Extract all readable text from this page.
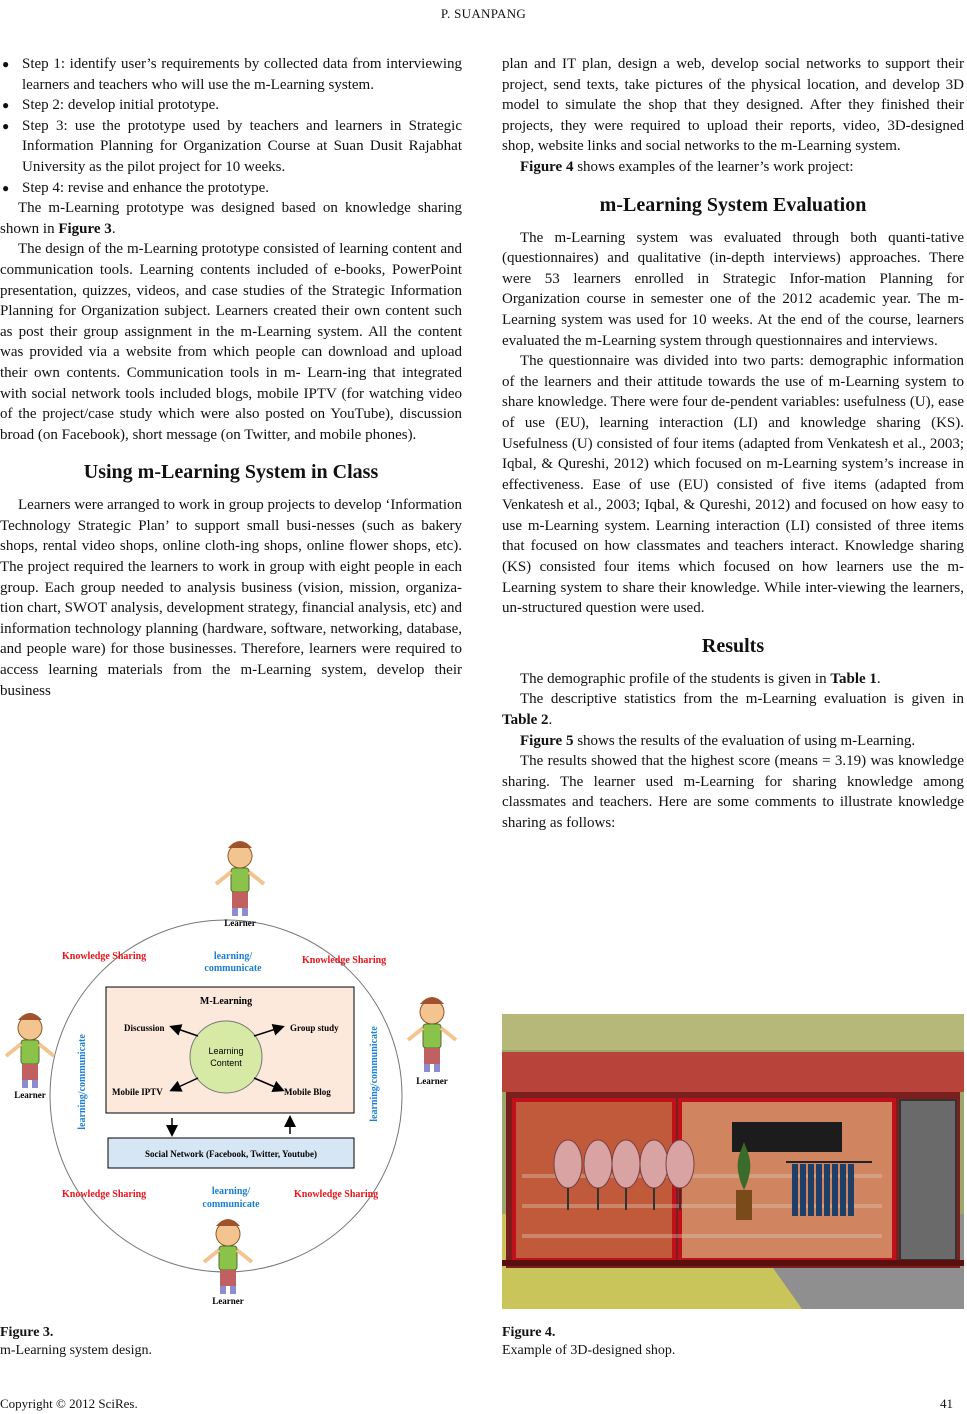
P. SUANPANG
● Step 1: identify user’s requirements by collected data from interviewing learners and teachers who will use the m-Learning system.
● Step 2: develop initial prototype.
● Step 3: use the prototype used by teachers and learners in Strategic Information Planning for Organization Course at Suan Dusit Rajabhat University as the pilot project for 10 weeks.
● Step 4: revise and enhance the prototype.

The m-Learning prototype was designed based on knowledge sharing shown in Figure 3.

The design of the m-Learning prototype consisted of learning content and communication tools. Learning contents included of e-books, PowerPoint presentation, quizzes, videos, and case studies of the Strategic Information Planning for Organization subject. Learners created their own content such as post their group assignment in the m-Learning system. All the content was provided via a website from which people can download and upload their own contents. Communication tools in m- Learn-ing that integrated with social network tools included blogs, mobile IPTV (for watching video of the project/case study which were also posted on YouTube), discussion broad (on Facebook), short message (on Twitter, and mobile phones).

Using m-Learning System in Class

Learners were arranged to work in group projects to develop ‘Information Technology Strategic Plan’ to support small busi-nesses (such as bakery shops, rental video shops, online cloth-ing shops, online flower shops, etc). The project required the learners to work in group with eight people in each group. Each group needed to analysis business (vision, mission, organiza-tion chart, SWOT analysis, development strategy, financial analysis, etc) and information technology planning (hardware, software, networking, database, and people ware) for those businesses. Therefore, learners were required to access learning materials from the m-Learning system, develop their business

Learner
Learner
Learner
Learner
Knowledge Sharing	Knowledge Sharing
Knowledge Sharing	Knowledge Sharing
learning/
communicate
learning/
communicate
learning/communicate	learning/communicate
M-Learning
Discussion	Group study
Mobile IPTV	Mobile Blog
Learning
Content
Social Network (Facebook, Twitter, Youtube)
Figure 3.
m-Learning system design.

plan and IT plan, design a web, develop social networks to support their project, send texts, take pictures of the physical location, and develop 3D model to simulate the shop that they designed. After they finished their projects, they were required to upload their reports, video, 3D-designed shop, website links and social networks to the m-Learning system.

Figure 4 shows examples of the learner’s work project:

m-Learning System Evaluation

The m-Learning system was evaluated through both quanti-tative (questionnaires) and qualitative (in-depth interviews) approaches. There were 53 learners enrolled in Strategic Infor-mation Planning for Organization course in semester one of the 2012 academic year. The m-Learning system was used for 10 weeks. At the end of the course, learners evaluated the m-Learning system through questionnaires and interviews.

The questionnaire was divided into two parts: demographic information of the learners and their attitude towards the use of m-Learning system to share knowledge. There were four de-pendent variables: usefulness (U), ease of use (EU), learning interaction (LI) and knowledge sharing (KS). Usefulness (U) consisted of four items (adapted from Venkatesh et al., 2003; Iqbal, & Qureshi, 2012) which focused on m-Learning system’s increase in effectiveness. Ease of use (EU) consisted of five items (adapted from Venkatesh et al., 2003; Iqbal, & Qureshi, 2012) and focused on how easy to use m-Learning system. Learning interaction (LI) consisted of three items that focused on how classmates and teachers interact. Knowledge sharing (KS) consisted four items which focused on how learners use the m-Learning system to share their knowledge. While inter-viewing the learners, un-structured question were used.

Results

The demographic profile of the students is given in Table 1.

The descriptive statistics from the m-Learning evaluation is given in Table 2.

Figure 5 shows the results of the evaluation of using m-Learning.

The results showed that the highest score (means = 3.19) was knowledge sharing. The learner used m-Learning for sharing knowledge among classmates and teachers. Here are some comments to illustrate knowledge sharing as follows:

Figure 4.
Example of 3D-designed shop.
Copyright © 2012 SciRes.	41
